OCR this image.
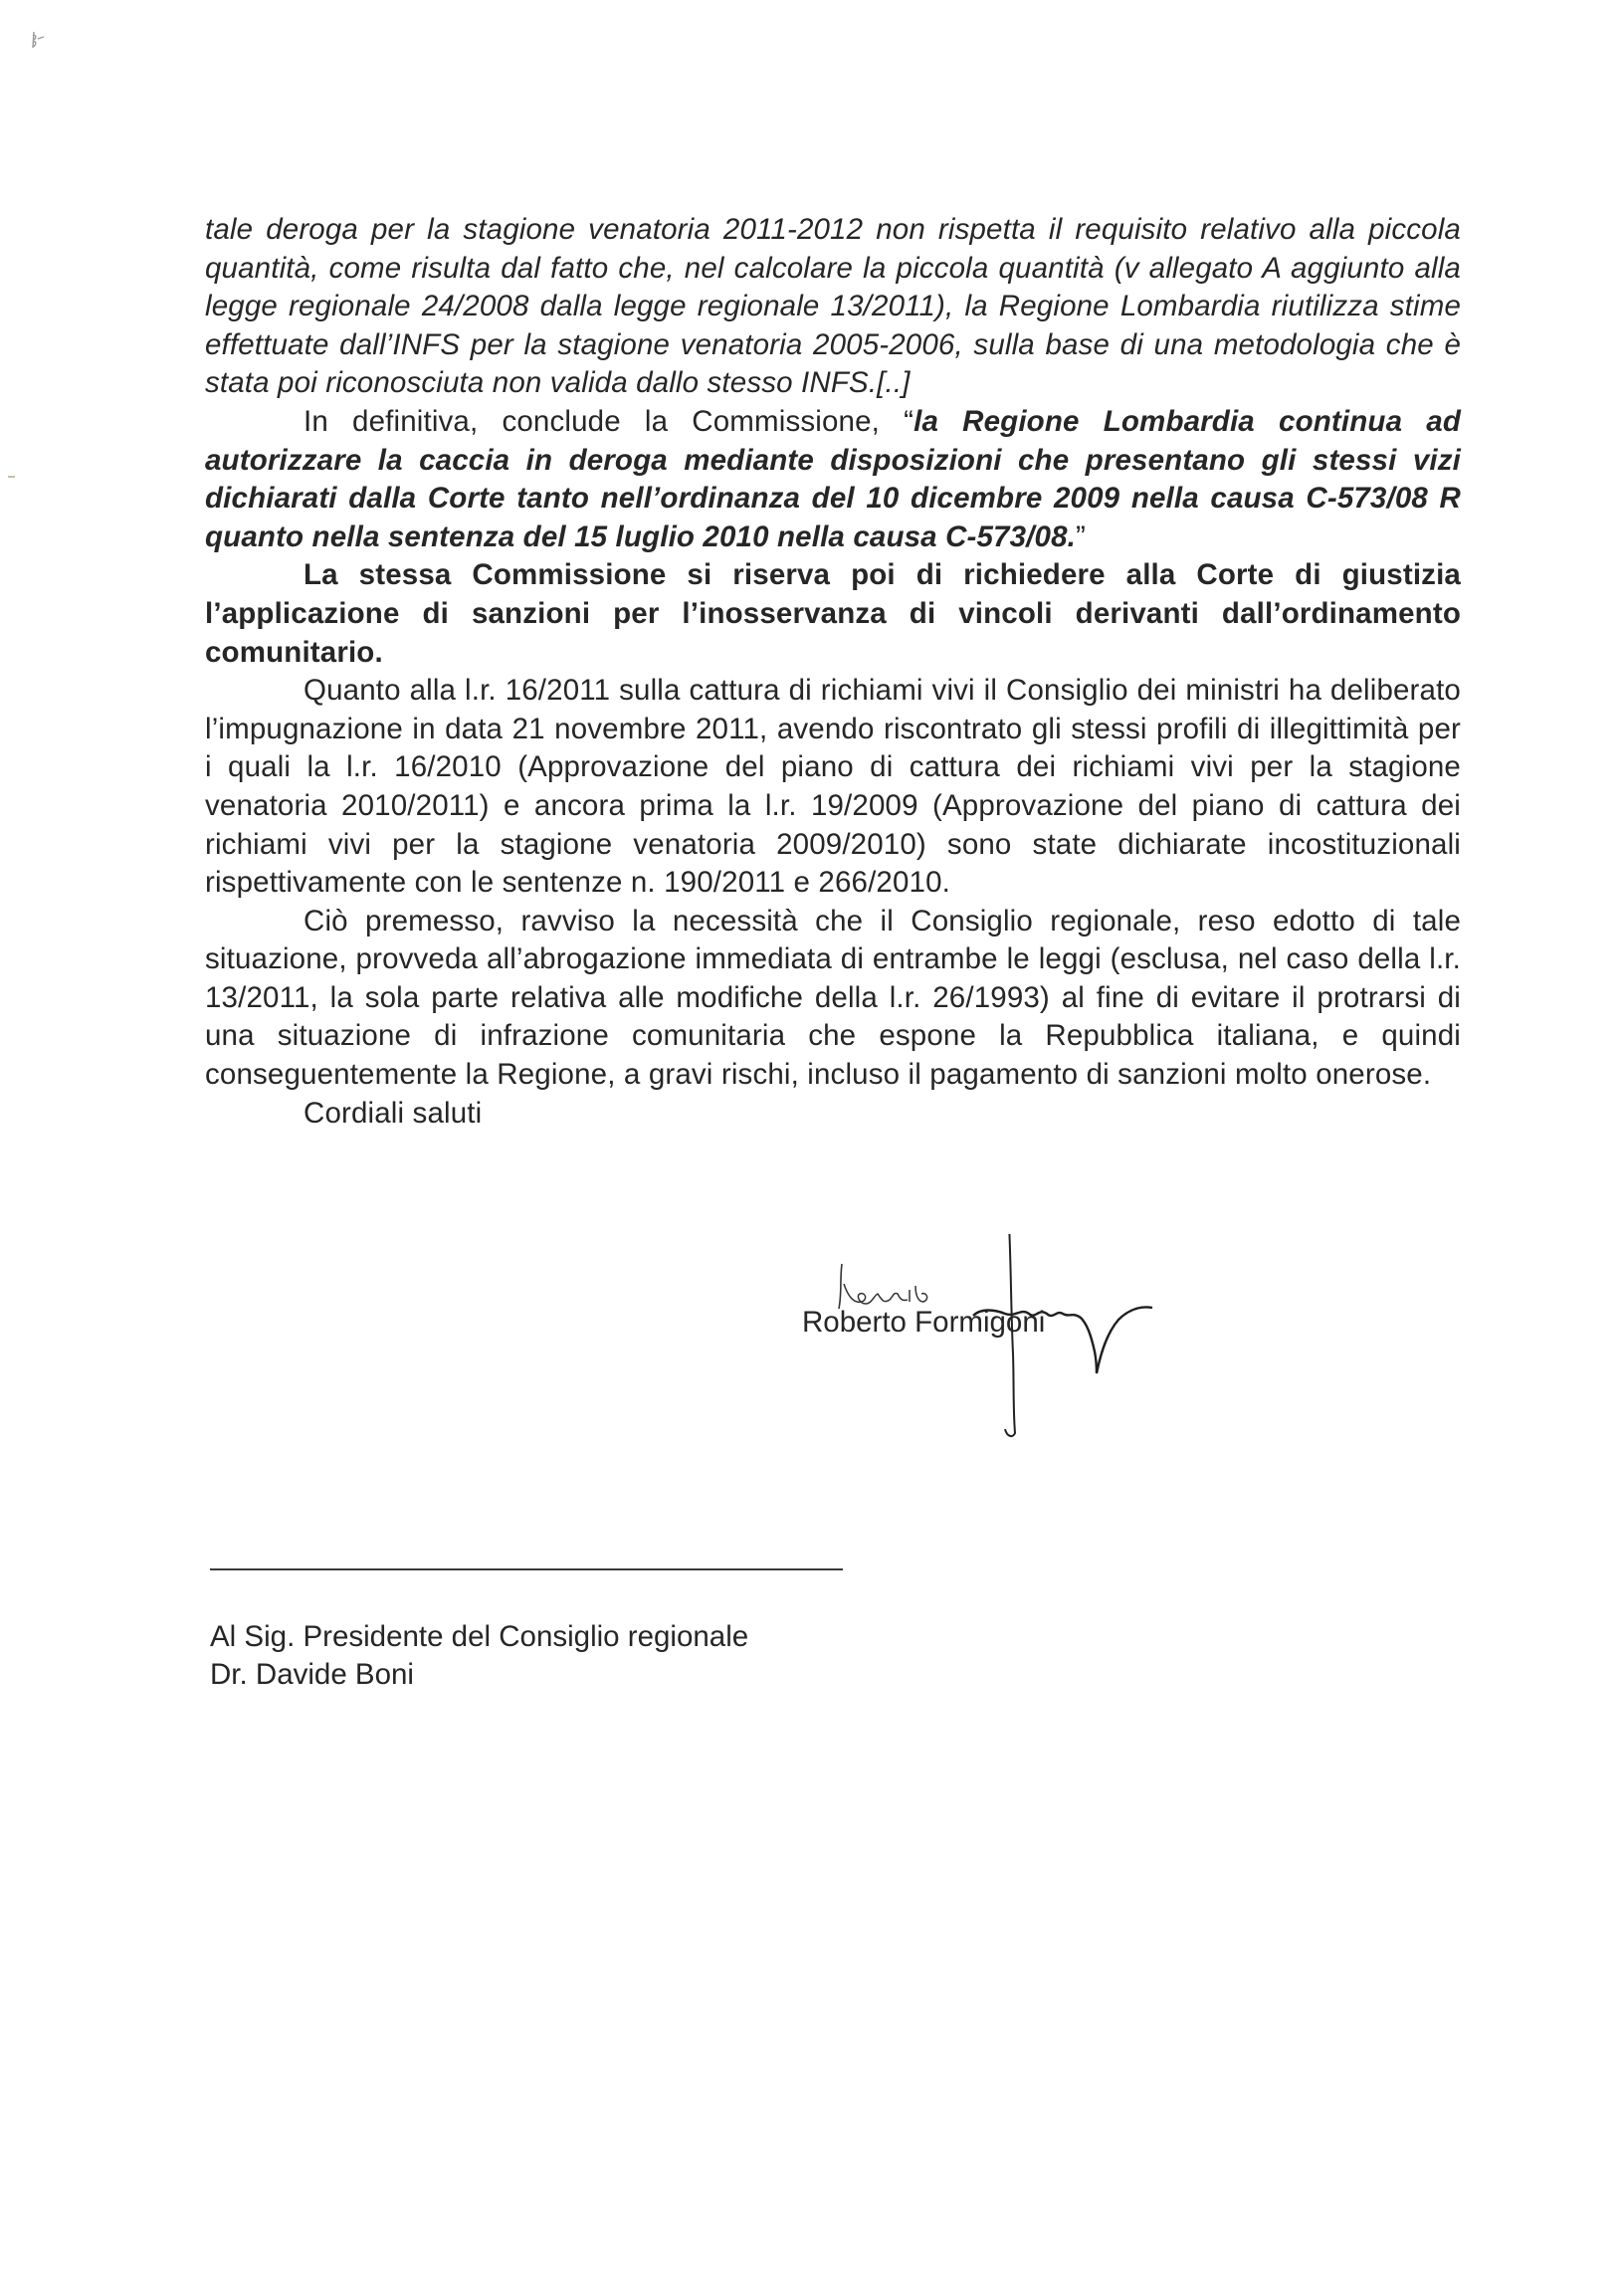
tale deroga per la stagione venatoria 2011-2012 non rispetta il requisito relativo alla piccola quantità, come risulta dal fatto che, nel calcolare la piccola quantità (v allegato A aggiunto alla legge regionale 24/2008 dalla legge regionale 13/2011), la Regione Lombardia riutilizza stime effettuate dall’INFS per la stagione venatoria 2005-2006, sulla base di una metodologia che è stata poi riconosciuta non valida dallo stesso INFS.[..]

In definitiva, conclude la Commissione, “la Regione Lombardia continua ad autorizzare la caccia in deroga mediante disposizioni che presentano gli stessi vizi dichiarati dalla Corte tanto nell’ordinanza del 10 dicembre 2009 nella causa C-573/08 R quanto nella sentenza del 15 luglio 2010 nella causa C-573/08.”

La stessa Commissione si riserva poi di richiedere alla Corte di giustizia l’applicazione di sanzioni per l’inosservanza di vincoli derivanti dall’ordinamento comunitario.

Quanto alla l.r. 16/2011 sulla cattura di richiami vivi il Consiglio dei ministri ha deliberato l’impugnazione in data 21 novembre 2011, avendo riscontrato gli stessi profili di illegittimità per i quali la l.r. 16/2010 (Approvazione del piano di cattura dei richiami vivi per la stagione venatoria 2010/2011) e ancora prima la l.r. 19/2009 (Approvazione del piano di cattura dei richiami vivi per la stagione venatoria 2009/2010) sono state dichiarate incostituzionali rispettivamente con le sentenze n. 190/2011 e 266/2010.

Ciò premesso, ravviso la necessità che il Consiglio regionale, reso edotto di tale situazione, provveda all’abrogazione immediata di entrambe le leggi (esclusa, nel caso della l.r. 13/2011, la sola parte relativa alle modifiche della l.r. 26/1993) al fine di evitare il protrarsi di una situazione di infrazione comunitaria che espone la Repubblica italiana, e quindi conseguentemente la Regione, a gravi rischi, incluso il pagamento di sanzioni molto onerose.

Cordiali saluti

Roberto Formigoni
Al Sig. Presidente del Consiglio regionale
Dr. Davide Boni
